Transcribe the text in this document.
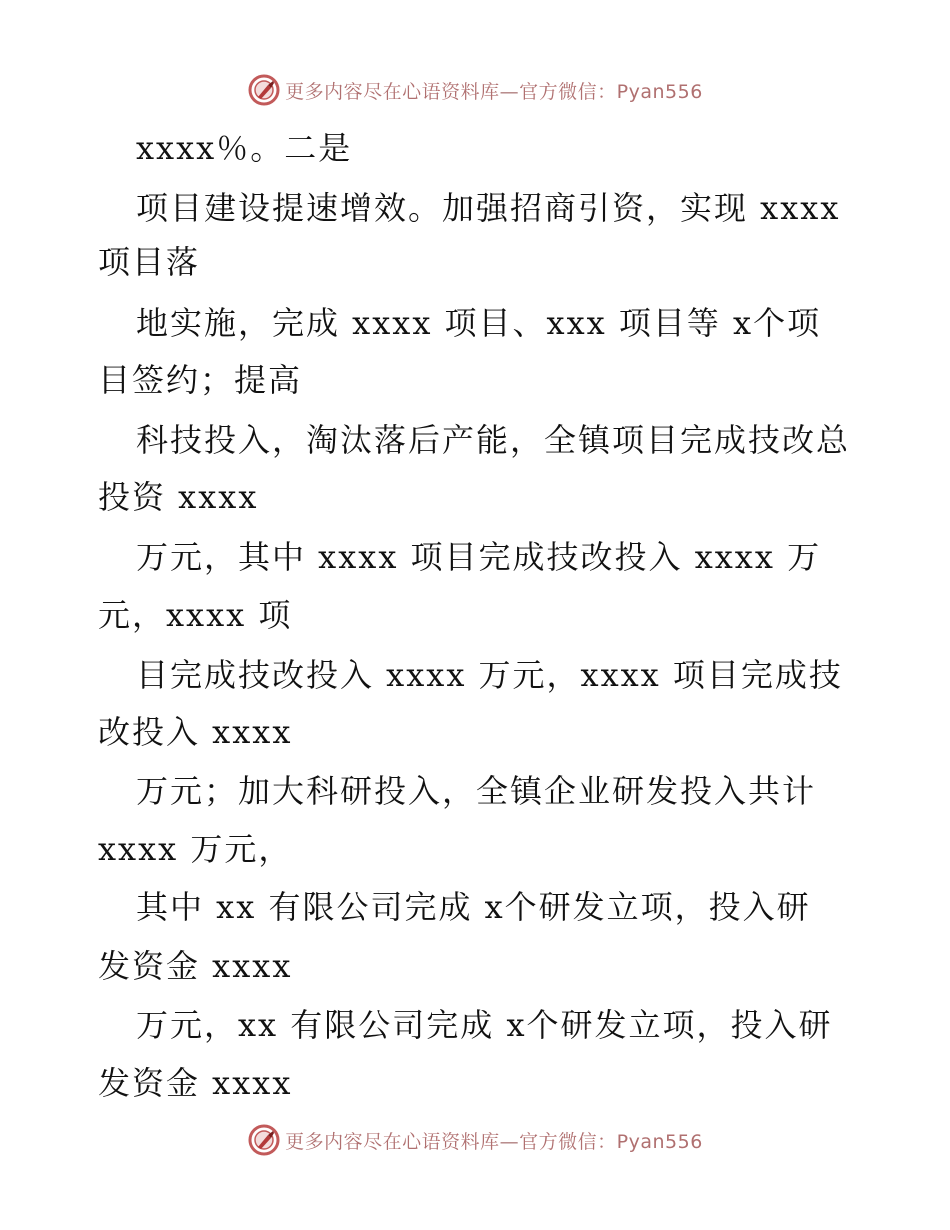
更多内容尽在心语资料库—官方微信：Pyan556
xxxx％。二是
项目建设提速增效。加强招商引资，实现 xxxx
项目落
地实施，完成 xxxx 项目、xxx 项目等 x个项
目签约；提高
科技投入，淘汰落后产能，全镇项目完成技改总
投资 xxxx
万元，其中 xxxx 项目完成技改投入 xxxx 万
元，xxxx 项
目完成技改投入 xxxx 万元，xxxx 项目完成技
改投入 xxxx
万元；加大科研投入，全镇企业研发投入共计
xxxx 万元，
其中 xx 有限公司完成 x个研发立项，投入研
发资金 xxxx
万元，xx 有限公司完成 x个研发立项，投入研
发资金 xxxx
更多内容尽在心语资料库—官方微信：Pyan556
